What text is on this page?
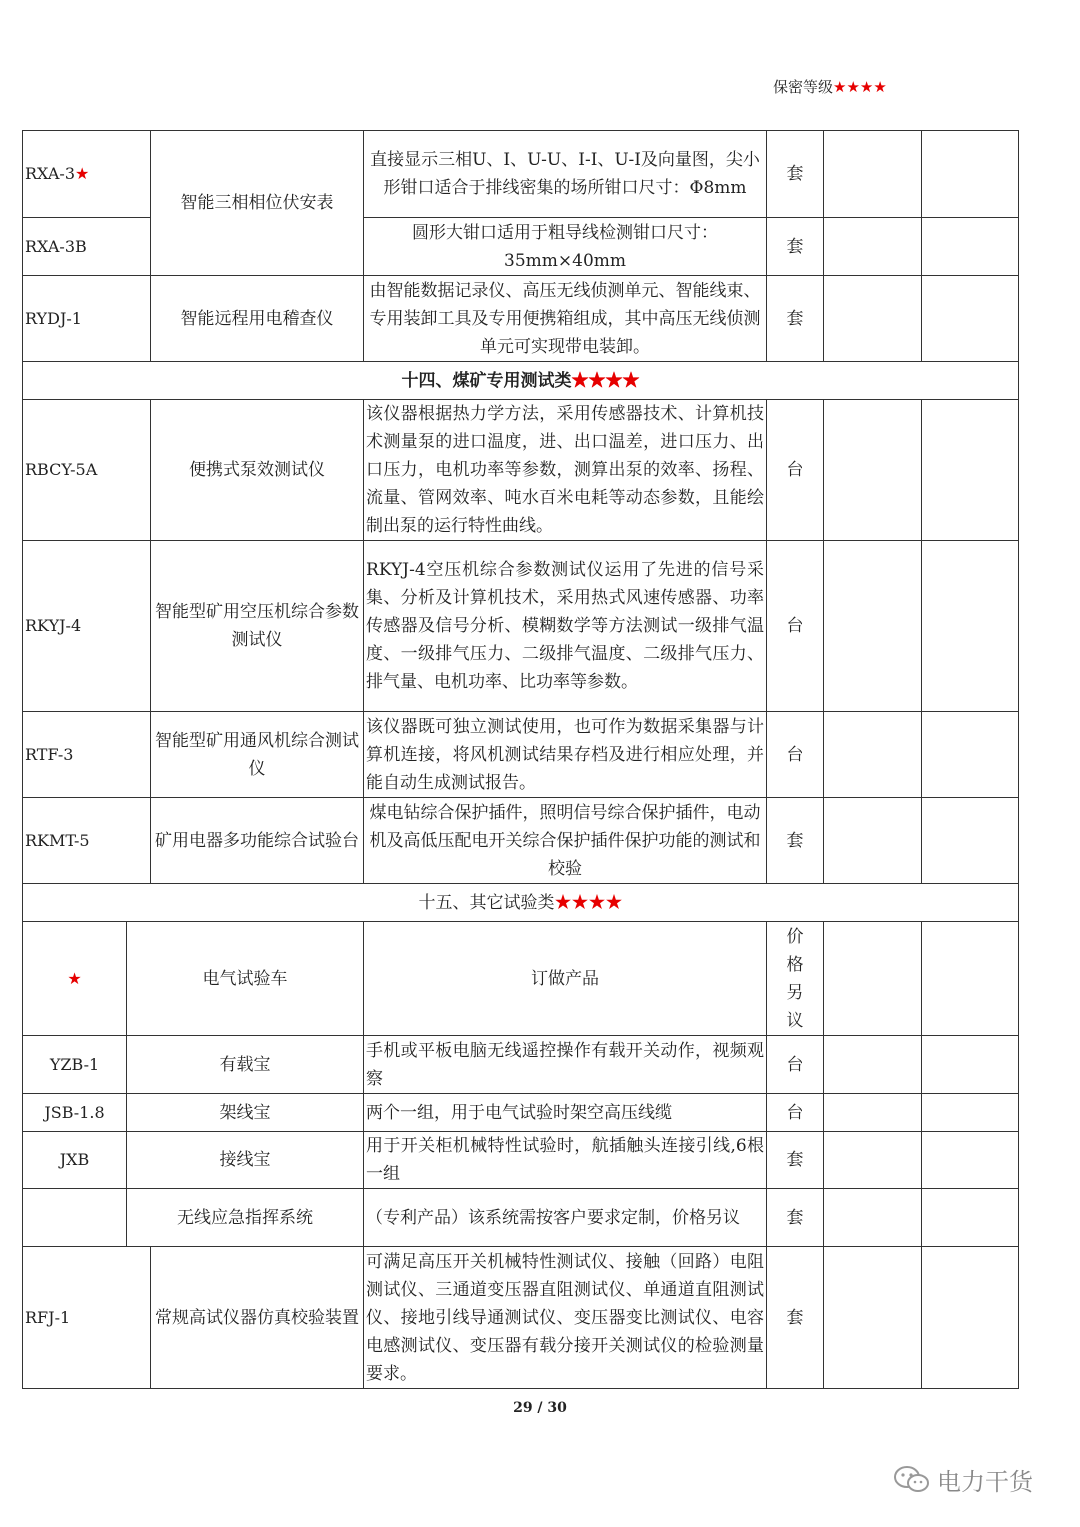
保密等级★★★★
RXA-3★		智能三相相位伏安表	直接显示三相U、I、U-U、I-I、U-I及向量图，尖小形钳口适合于排线密集的场所钳口尺寸：Φ8mm	套		
RXA-3B			圆形大钳口适用于粗导线检测钳口尺寸：35mm×40mm	套		
RYDJ-1		智能远程用电稽查仪	由智能数据记录仪、高压无线侦测单元、智能线束、专用装卸工具及专用便携箱组成，其中高压无线侦测单元可实现带电装卸。	套		
十四、煤矿专用测试类★★★★						
RBCY-5A		便携式泵效测试仪	该仪器根据热力学方法，采用传感器技术、计算机技术测量泵的进口温度，进、出口温差，进口压力、出口压力，电机功率等参数，测算出泵的效率、扬程、流量、管网效率、吨水百米电耗等动态参数，且能绘制出泵的运行特性曲线。	台		
RKYJ-4		智能型矿用空压机综合参数测试仪	RKYJ-4空压机综合参数测试仪运用了先进的信号采集、分析及计算机技术，采用热式风速传感器、功率传感器及信号分析、模糊数学等方法测试一级排气温度、一级排气压力、二级排气温度、二级排气压力、排气量、电机功率、比功率等参数。	台		
RTF-3		智能型矿用通风机综合测试仪	该仪器既可独立测试使用，也可作为数据采集器与计算机连接，将风机测试结果存档及进行相应处理，并能自动生成测试报告。	台		
RKMT-5		矿用电器多功能综合试验台	煤电钻综合保护插件，照明信号综合保护插件，电动机及高低压配电开关综合保护插件保护功能的测试和校验	套		
十五、其它试验类★★★★						
★	电气试验车		订做产品	价格另议		
YZB-1	有载宝		手机或平板电脑无线遥控操作有载开关动作，视频观察	台		
JSB-1.8	架线宝		两个一组，用于电气试验时架空高压线缆	台		
JXB	接线宝		用于开关柜机械特性试验时，航插触头连接引线,6根一组	套		
	无线应急指挥系统		（专利产品）该系统需按客户要求定制，价格另议	套		
RFJ-1		常规高试仪器仿真校验装置	可满足高压开关机械特性测试仪、接触（回路）电阻测试仪、三通道变压器直阻测试仪、单通道直阻测试仪、接地引线导通测试仪、变压器变比测试仪、电容电感测试仪、变压器有载分接开关测试仪的检验测量要求。	套		
29 / 30
电力干货
